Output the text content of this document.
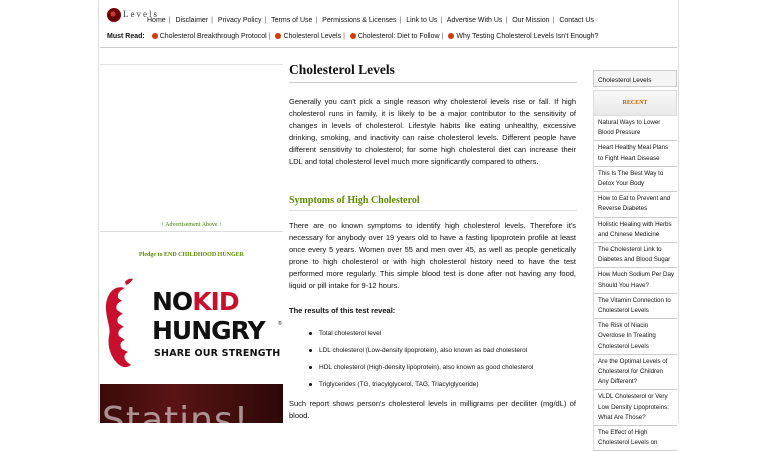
Levels
Home | Disclaimer | Privacy Policy | Terms of Use | Permissions & Licenses | Link to Us | Advertise With Us | Our Mission | Contact Us
Must Read: Cholesterol Breakthrough Protocol | Cholesterol Levels | Cholesterol: Diet to Follow | Why Testing Cholesterol Levels Isn't Enough?
↑ Advertisement Above ↑
Pledge to END CHILDHOOD HUNGER
NOKID
HUNGRY	®
SHARE OUR STRENGTH
Statins!
Cholesterol Levels

Generally you can't pick a single reason why cholesterol levels rise or fall. If high cholesterol runs in family, it is likely to be a major contributor to the sensitivity of changes in levels of cholesterol. Lifestyle habits like eating unhealthy, excessive drinking, smoking, and inactivity can raise cholesterol levels. Different people have different sensitivity to cholesterol; for some high cholesterol diet can increase their LDL and total cholesterol level much more significantly compared to others.

Symptoms of High Cholesterol

There are no known symptoms to identify high cholesterol levels. Therefore it's necessary for anybody over 19 years old to have a fasting lipoprotein profile at least once every 5 years. Women over 55 and men over 45, as well as people genetically prone to high cholesterol or with high cholesterol history need to have the test performed more regularly. This simple blood test is done after not having any food, liquid or pill intake for 9-12 hours.

The results of this test reveal:
Total cholesterol level
LDL cholesterol (Low-density lipoprotein), also known as bad cholesterol
HDL cholesterol (High-density lipoprotein), also known as good cholesterol
Triglycerides (TG, triacylglycerol, TAG, Triacylglyceride)

Such report shows person's cholesterol levels in milligrams per deciliter (mg/dL) of blood.

Cholesterol Levels
RECENT
Natural Ways to Lower Blood Pressure
Heart Healthy Meal Plans to Fight Heart Disease
This Is The Best Way to Detox Your Body
How to Eat to Prevent and Reverse Diabetes
Holistic Healing with Herbs and Chinese Medicine
The Cholesterol Link to Diabetes and Blood Sugar
How Much Sodium Per Day Should You Have?
The Vitamin Connection to Cholesterol Levels
The Risk of Niacin Overdose In Treating Cholesterol Levels
Are the Optimal Levels of Cholesterol for Children Any Different?
VLDL Cholesterol or Very Low Density Lipoproteins: What Are Those?
The Effect of High Cholesterol Levels on
